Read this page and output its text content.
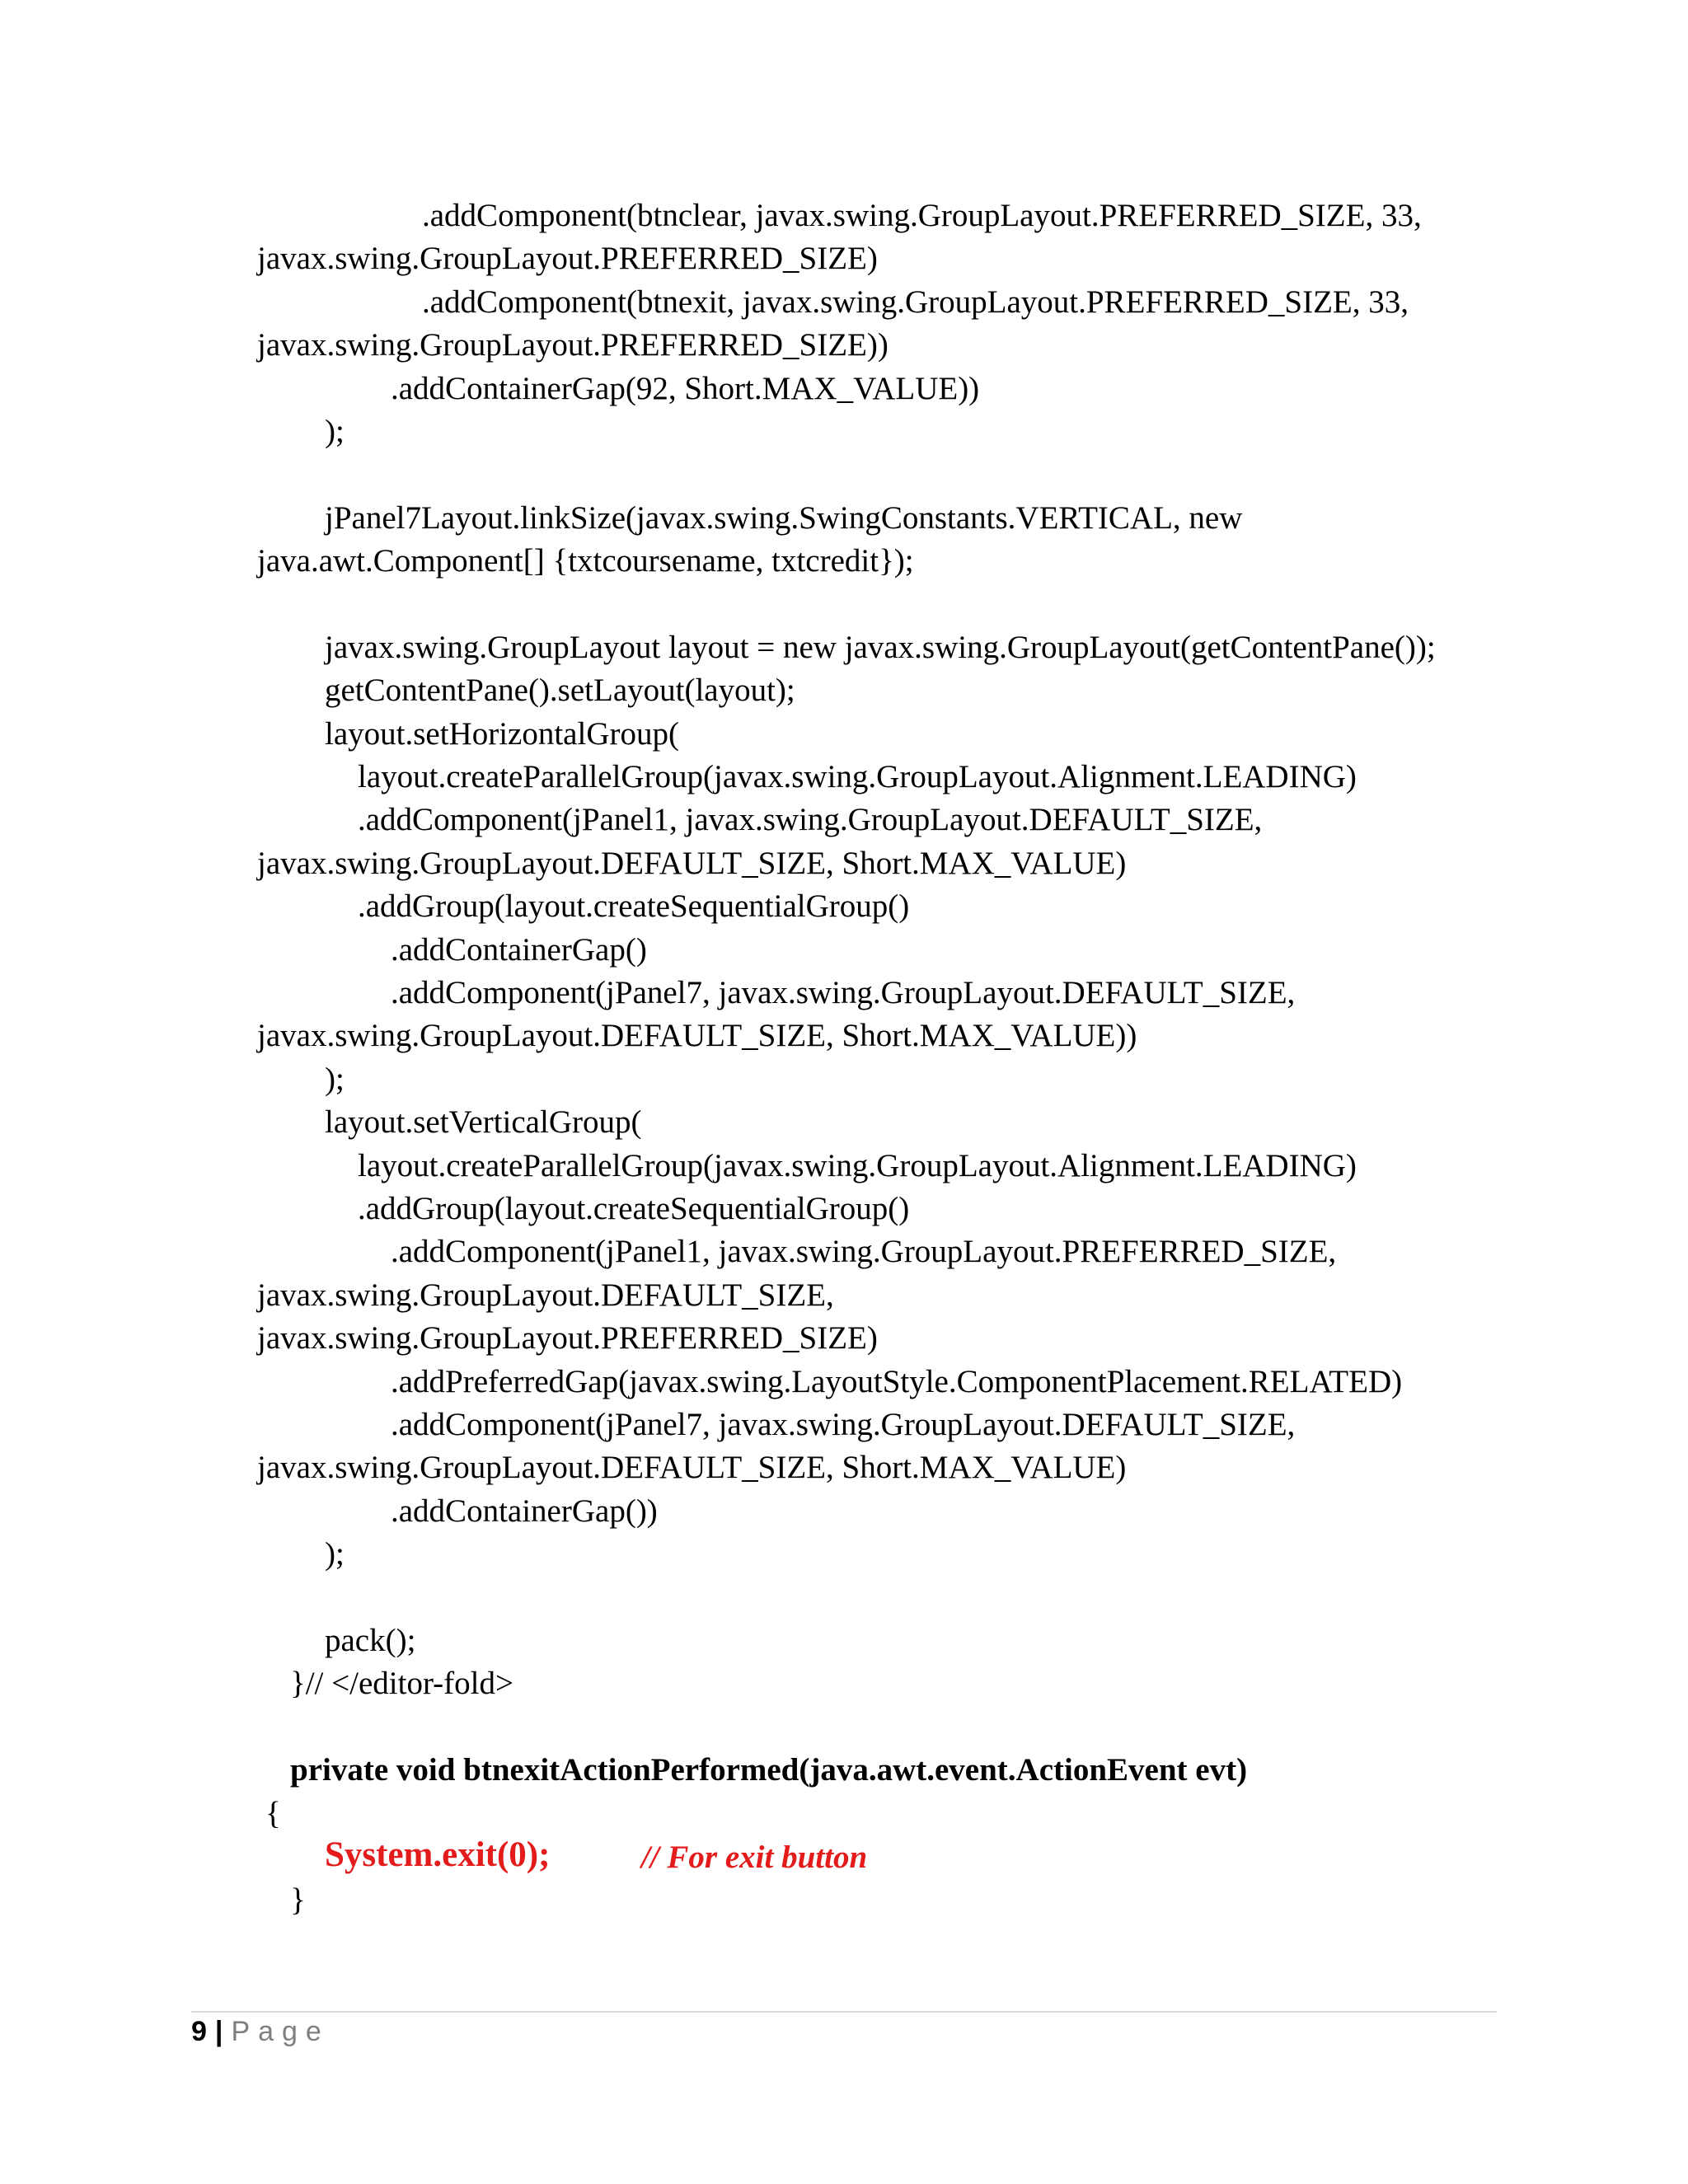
.addComponent(btnclear, javax.swing.GroupLayout.PREFERRED_SIZE, 33,
javax.swing.GroupLayout.PREFERRED_SIZE)
.addComponent(btnexit, javax.swing.GroupLayout.PREFERRED_SIZE, 33,
javax.swing.GroupLayout.PREFERRED_SIZE))
.addContainerGap(92, Short.MAX_VALUE))
);
jPanel7Layout.linkSize(javax.swing.SwingConstants.VERTICAL, new
java.awt.Component[] {txtcoursename, txtcredit});
javax.swing.GroupLayout layout = new javax.swing.GroupLayout(getContentPane());
getContentPane().setLayout(layout);
layout.setHorizontalGroup(
layout.createParallelGroup(javax.swing.GroupLayout.Alignment.LEADING)
.addComponent(jPanel1, javax.swing.GroupLayout.DEFAULT_SIZE,
javax.swing.GroupLayout.DEFAULT_SIZE, Short.MAX_VALUE)
.addGroup(layout.createSequentialGroup()
.addContainerGap()
.addComponent(jPanel7, javax.swing.GroupLayout.DEFAULT_SIZE,
javax.swing.GroupLayout.DEFAULT_SIZE, Short.MAX_VALUE))
);
layout.setVerticalGroup(
layout.createParallelGroup(javax.swing.GroupLayout.Alignment.LEADING)
.addGroup(layout.createSequentialGroup()
.addComponent(jPanel1, javax.swing.GroupLayout.PREFERRED_SIZE,
javax.swing.GroupLayout.DEFAULT_SIZE,
javax.swing.GroupLayout.PREFERRED_SIZE)
.addPreferredGap(javax.swing.LayoutStyle.ComponentPlacement.RELATED)
.addComponent(jPanel7, javax.swing.GroupLayout.DEFAULT_SIZE,
javax.swing.GroupLayout.DEFAULT_SIZE, Short.MAX_VALUE)
.addContainerGap())
);
pack();
}// </editor-fold>
private void btnexitActionPerformed(java.awt.event.ActionEvent evt)
{
System.exit(0);	// For exit button
}
9 | Page
